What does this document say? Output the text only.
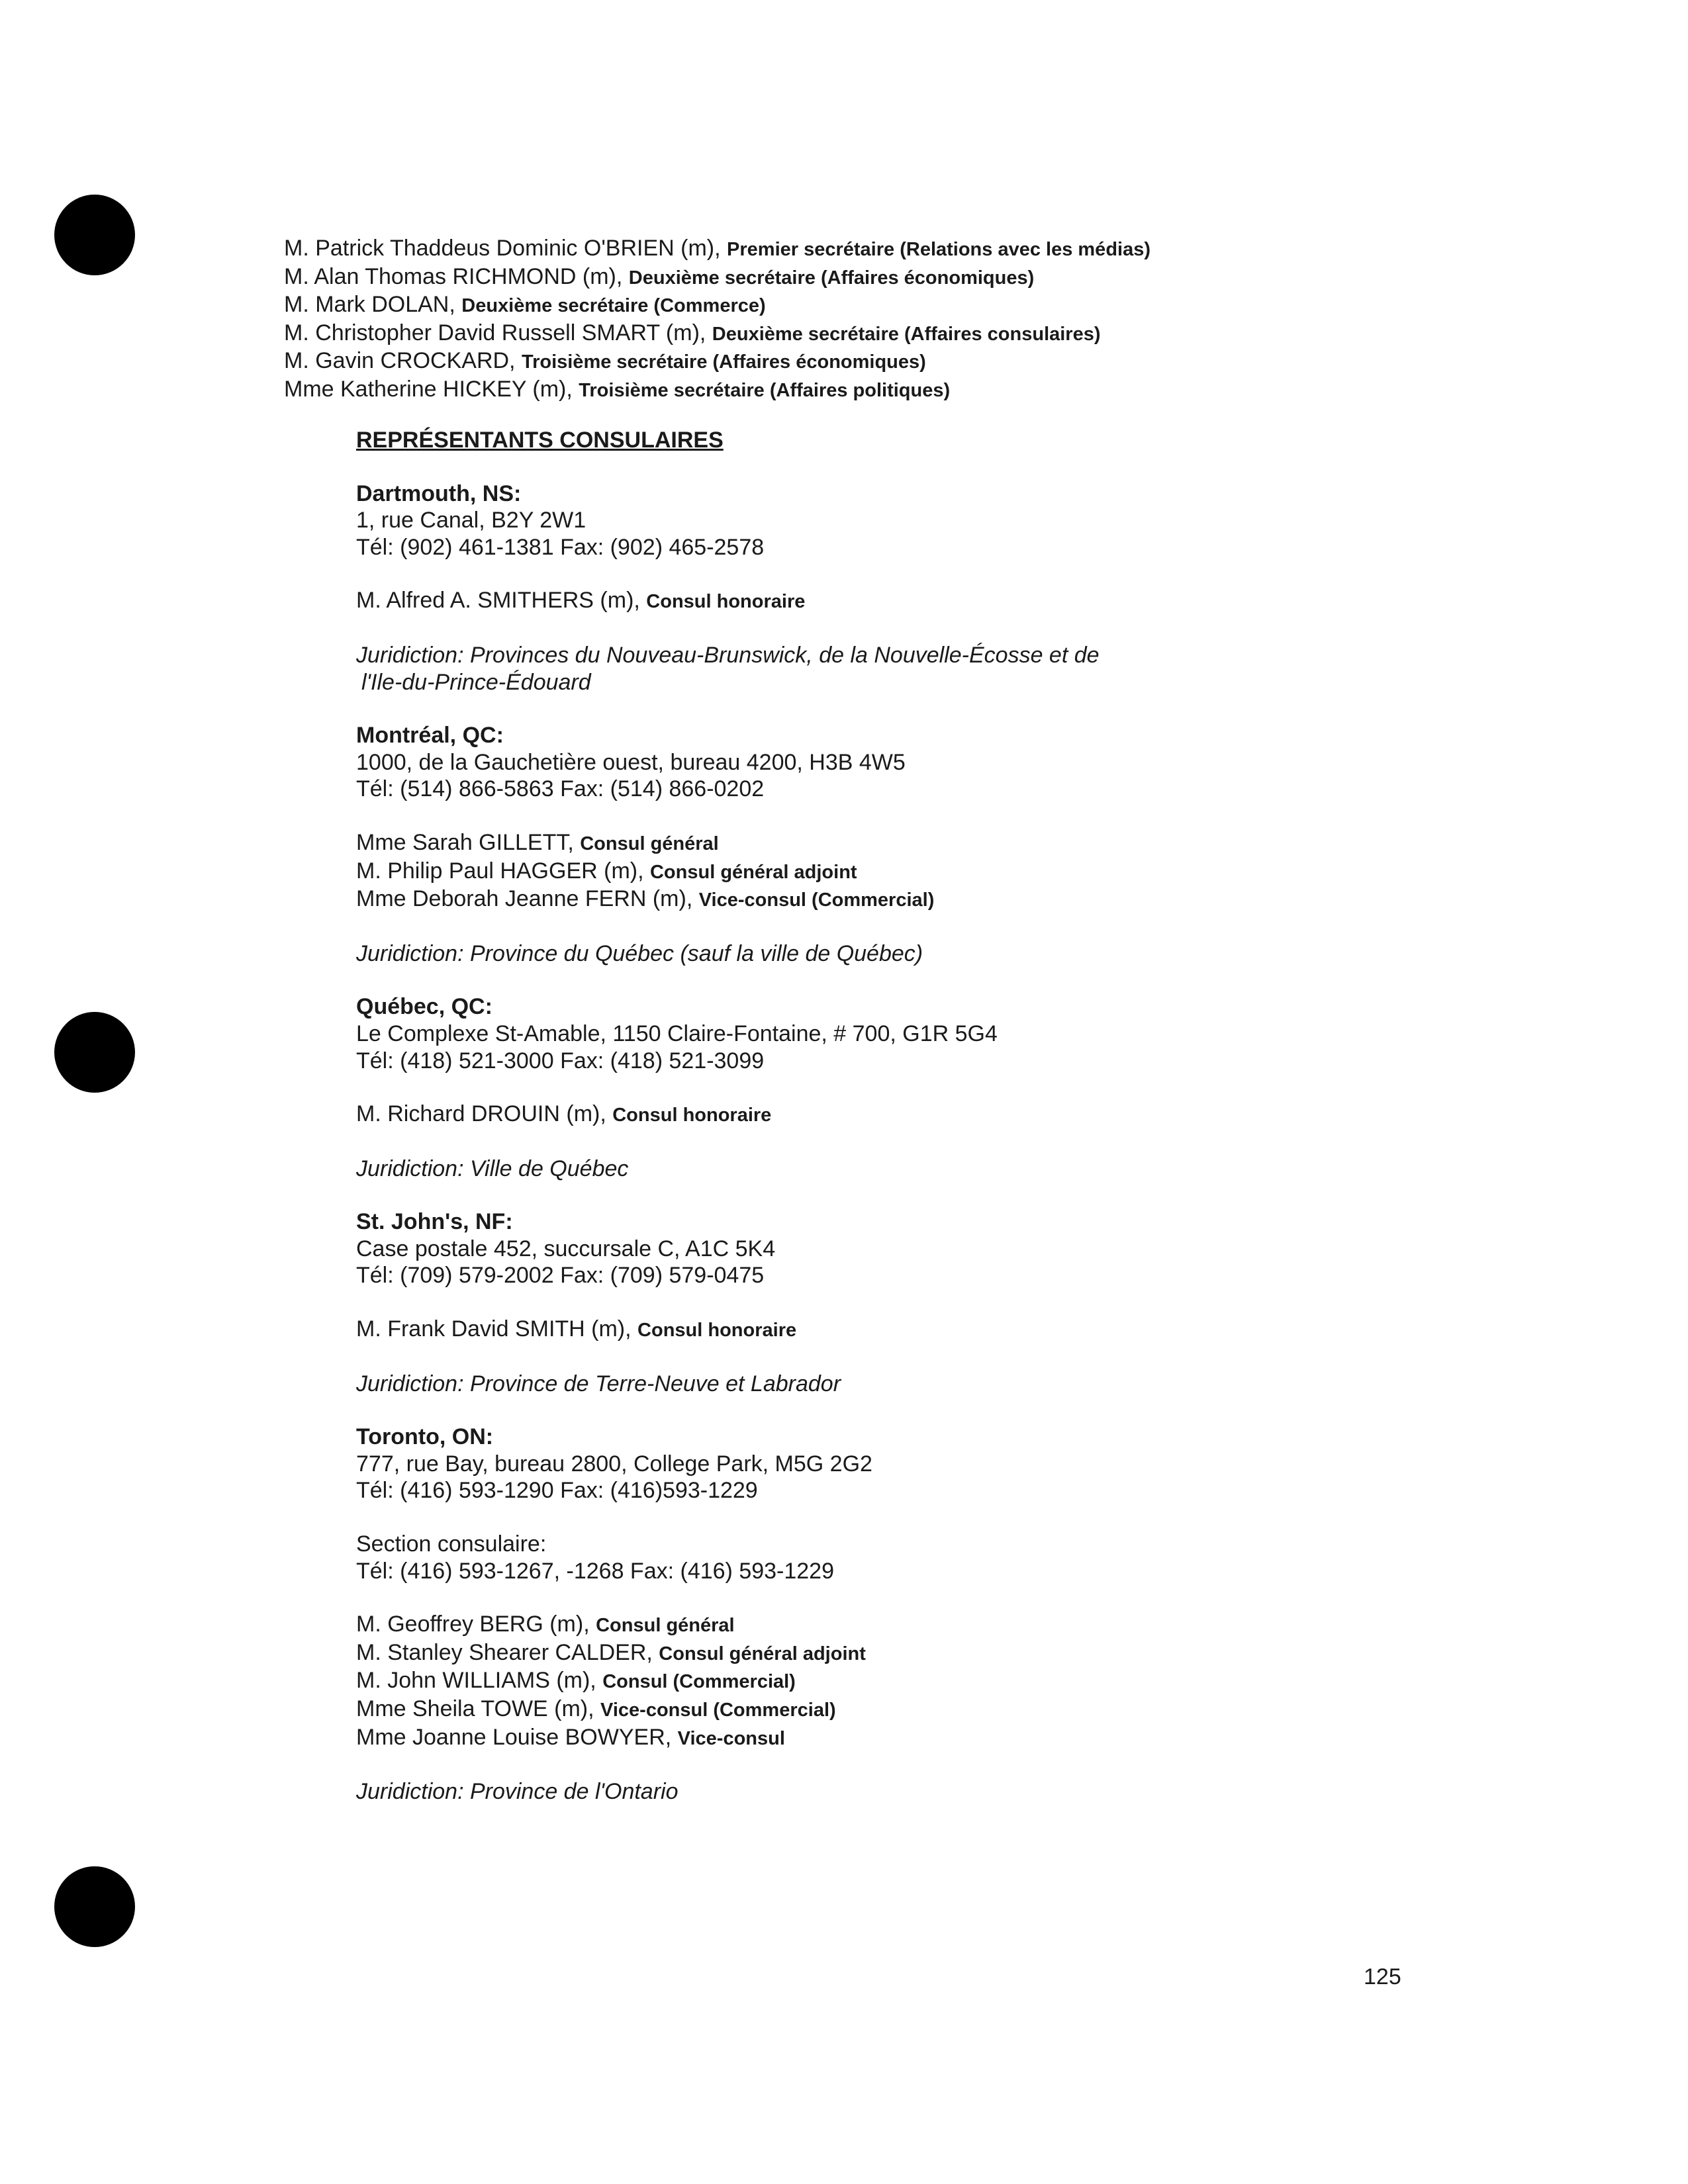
M. Patrick Thaddeus Dominic O'BRIEN (m), Premier secrétaire (Relations avec les médias)
M. Alan Thomas RICHMOND (m), Deuxième secrétaire (Affaires économiques)
M. Mark DOLAN, Deuxième secrétaire (Commerce)
M. Christopher David Russell SMART (m), Deuxième secrétaire (Affaires consulaires)
M. Gavin CROCKARD, Troisième secrétaire (Affaires économiques)
Mme Katherine HICKEY (m), Troisième secrétaire (Affaires politiques)
REPRÉSENTANTS CONSULAIRES
Dartmouth, NS:
1, rue Canal, B2Y 2W1
Tél: (902) 461-1381 Fax: (902) 465-2578
M. Alfred A. SMITHERS (m), Consul honoraire
Juridiction: Provinces du Nouveau-Brunswick, de la Nouvelle-Écosse et de
l'Ile-du-Prince-Édouard
Montréal, QC:
1000, de la Gauchetière ouest, bureau 4200, H3B 4W5
Tél: (514) 866-5863 Fax: (514) 866-0202
Mme Sarah GILLETT, Consul général
M. Philip Paul HAGGER (m), Consul général adjoint
Mme Deborah Jeanne FERN (m), Vice-consul (Commercial)
Juridiction: Province du Québec (sauf la ville de Québec)
Québec, QC:
Le Complexe St-Amable, 1150 Claire-Fontaine, # 700, G1R 5G4
Tél: (418) 521-3000 Fax: (418) 521-3099
M. Richard DROUIN (m), Consul honoraire
Juridiction: Ville de Québec
St. John's, NF:
Case postale 452, succursale C, A1C 5K4
Tél: (709) 579-2002 Fax: (709) 579-0475
M. Frank David SMITH (m), Consul honoraire
Juridiction: Province de Terre-Neuve et Labrador
Toronto, ON:
777, rue Bay, bureau 2800, College Park, M5G 2G2
Tél: (416) 593-1290 Fax: (416)593-1229
Section consulaire:
Tél: (416) 593-1267, -1268 Fax: (416) 593-1229
M. Geoffrey BERG (m), Consul général
M. Stanley Shearer CALDER, Consul général adjoint
M. John WILLIAMS (m), Consul (Commercial)
Mme Sheila TOWE (m), Vice-consul (Commercial)
Mme Joanne Louise BOWYER, Vice-consul
Juridiction: Province de l'Ontario
125
